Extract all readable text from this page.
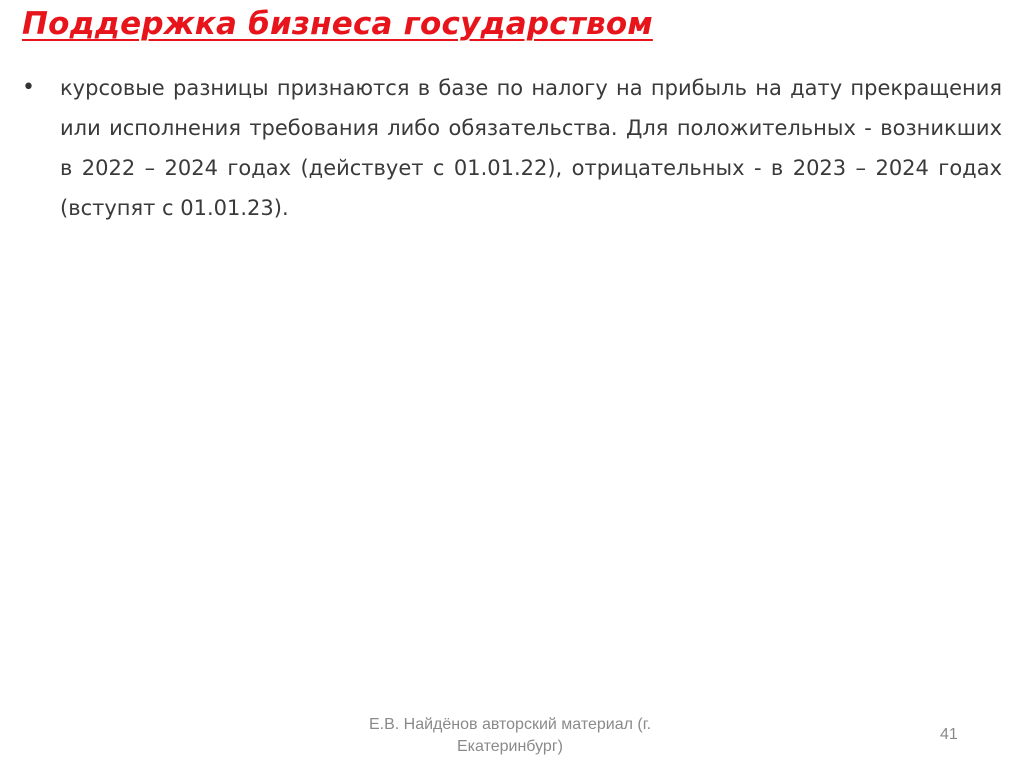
Поддержка бизнеса государством
• курсовые разницы признаются в базе по налогу на прибыль на дату прекращения или исполнения требования либо обязательства. Для положительных - возникших в 2022 – 2024 годах (действует с 01.01.22), отрицательных - в 2023 – 2024 годах (вступят с 01.01.23).

Е.В. Найдёнов авторский материал (г. Екатеринбург)

41
